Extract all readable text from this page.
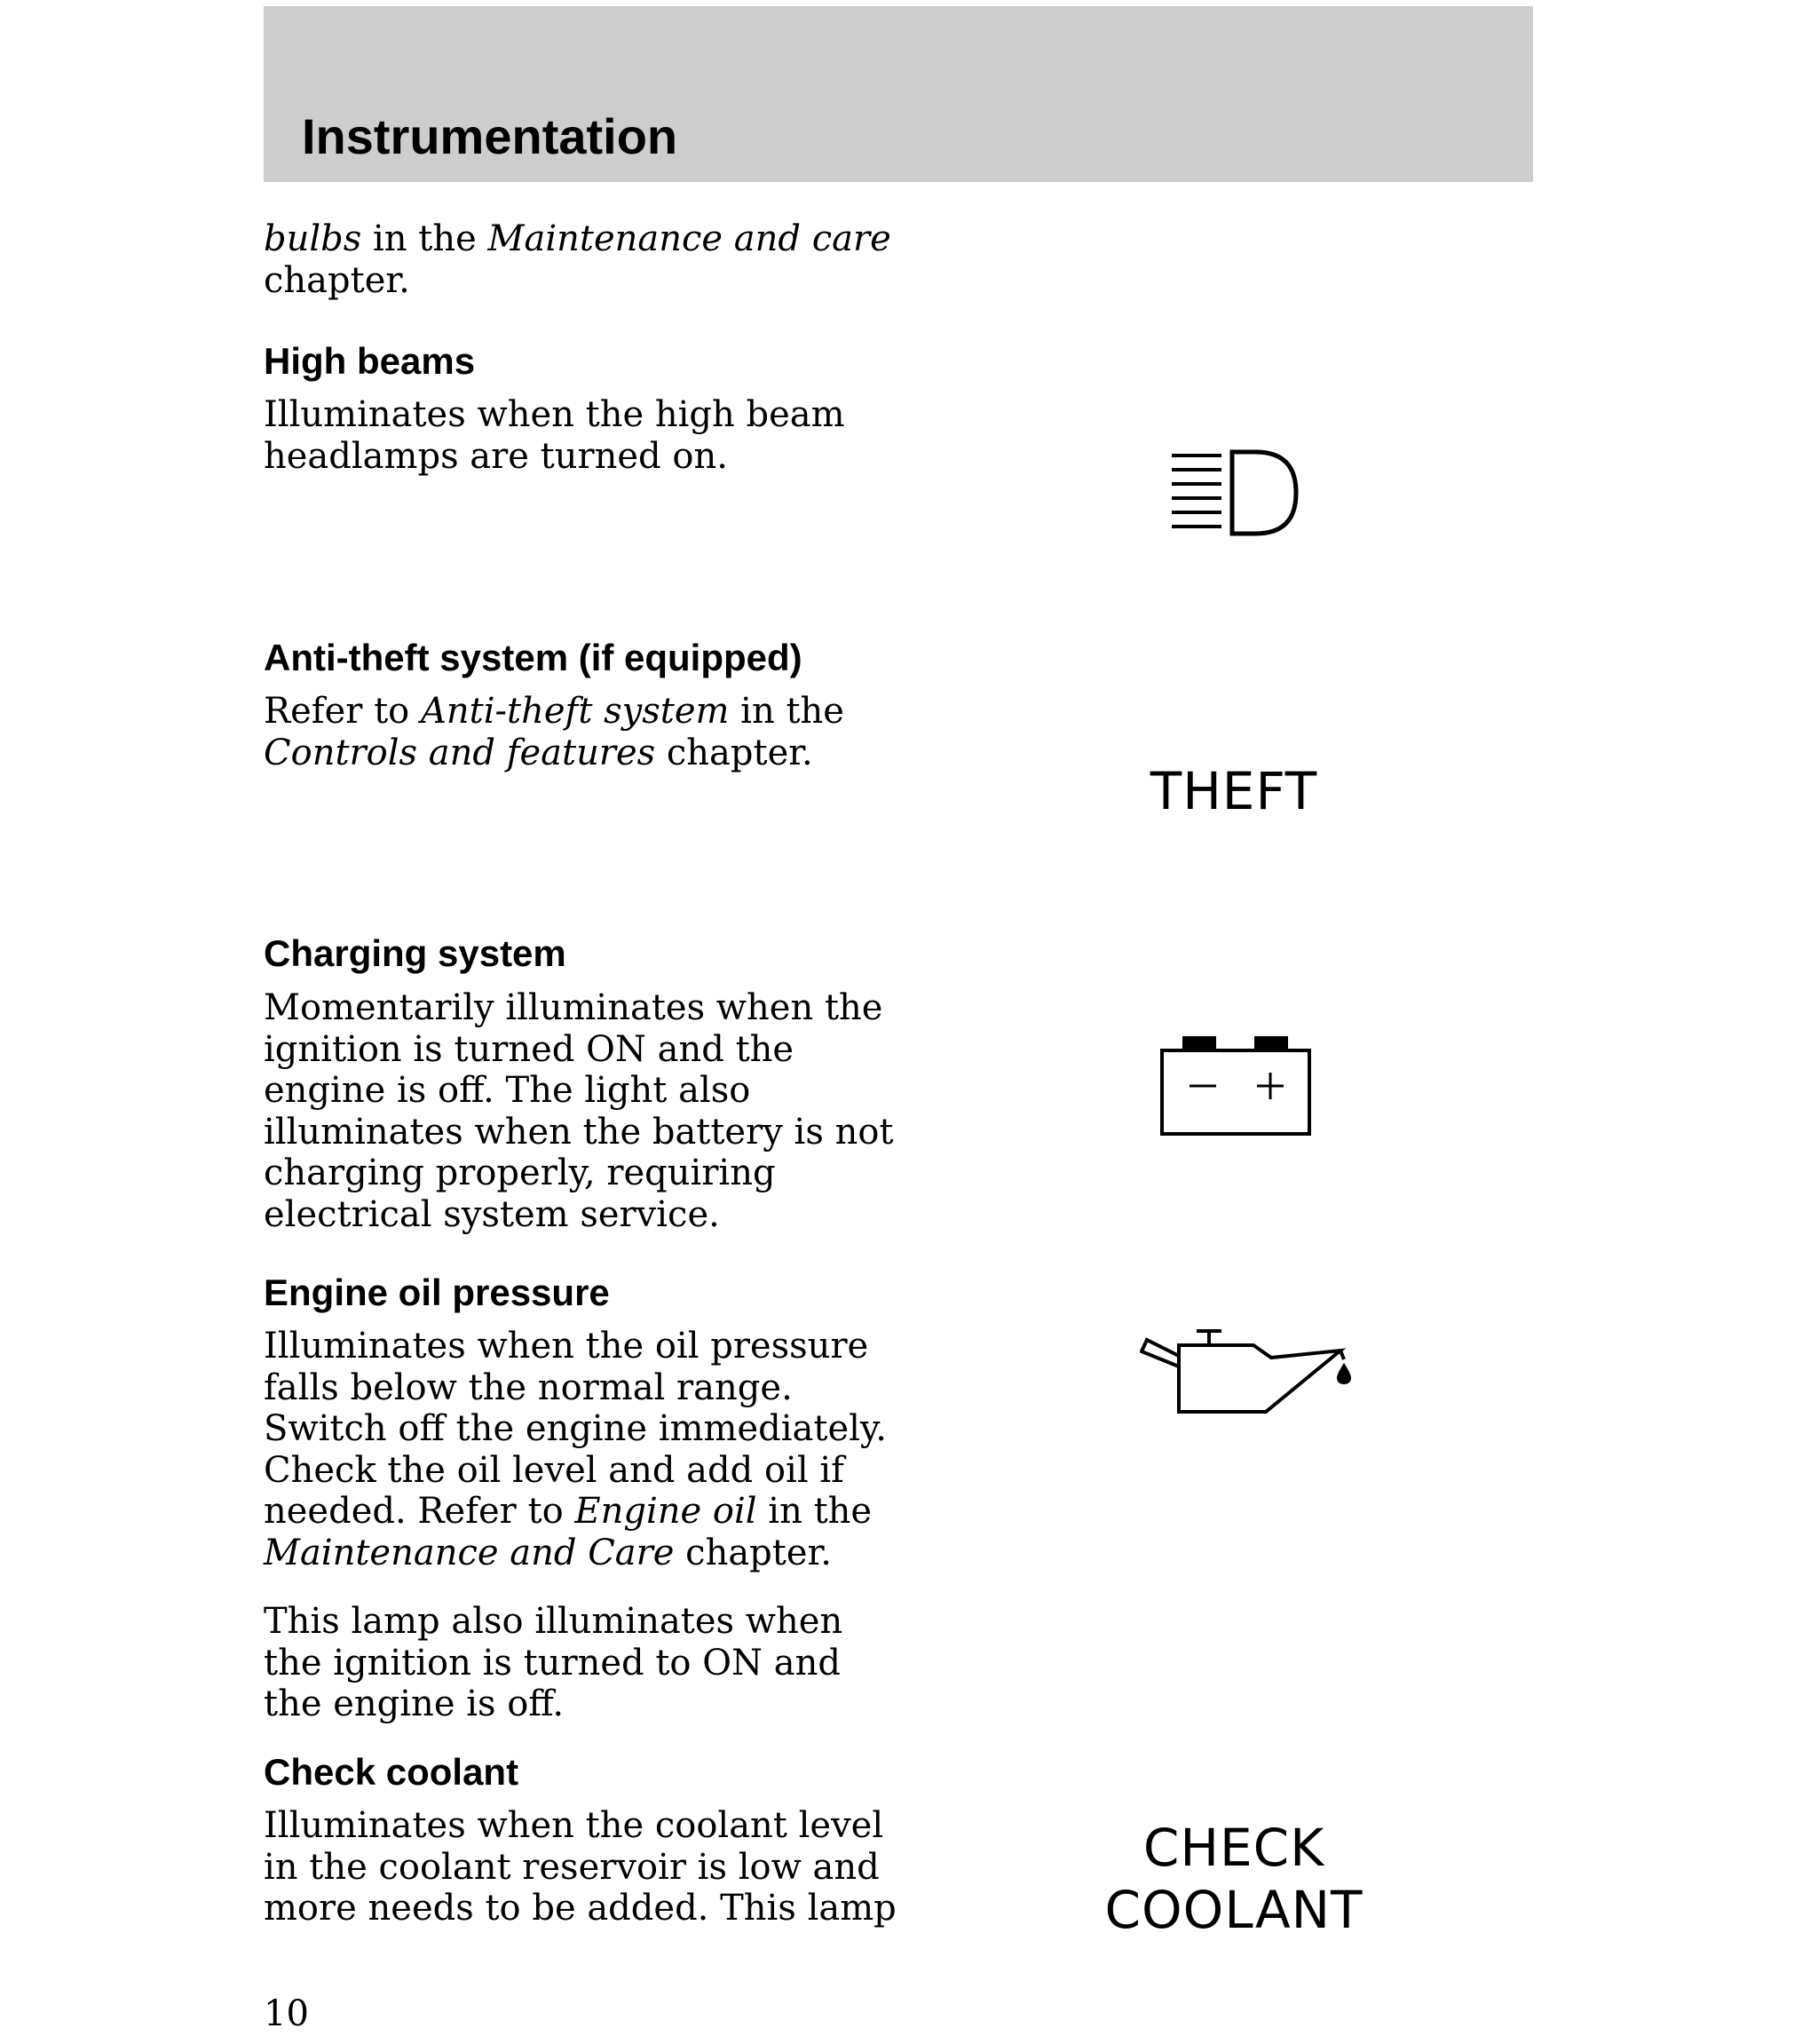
Instrumentation

bulbs in the Maintenance and care chapter.

High beams

Illuminates when the high beam headlamps are turned on.

Anti-theft system (if equipped)

Refer to Anti-theft system in the Controls and features chapter.

THEFT
Charging system

Momentarily illuminates when the ignition is turned ON and the engine is off. The light also illuminates when the battery is not charging properly, requiring electrical system service.

Engine oil pressure

Illuminates when the oil pressure falls below the normal range. Switch off the engine immediately. Check the oil level and add oil if needed. Refer to Engine oil in the Maintenance and Care chapter.

This lamp also illuminates when the ignition is turned to ON and the engine is off.

Check coolant

Illuminates when the coolant level in the coolant reservoir is low and more needs to be added. This lamp

CHECK
COOLANT
10
